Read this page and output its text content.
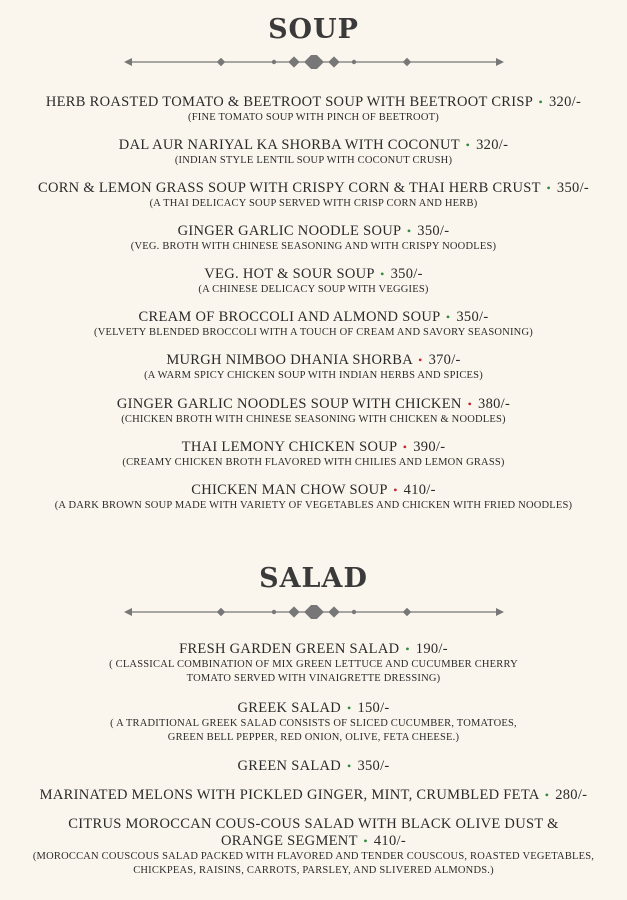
SOUP
HERB ROASTED TOMATO & BEETROOT SOUP WITH BEETROOT CRISP • 320/-
(FINE TOMATO SOUP WITH PINCH OF BEETROOT)
DAL AUR NARIYAL KA SHORBA WITH COCONUT • 320/-
(INDIAN STYLE LENTIL SOUP WITH COCONUT CRUSH)
CORN & LEMON GRASS SOUP WITH CRISPY CORN & THAI HERB CRUST • 350/-
(A THAI DELICACY SOUP SERVED WITH CRISP CORN AND HERB)
GINGER GARLIC NOODLE SOUP • 350/-
(VEG. BROTH WITH CHINESE SEASONING AND WITH CRISPY NOODLES)
VEG. HOT & SOUR SOUP • 350/-
(A CHINESE DELICACY SOUP WITH VEGGIES)
CREAM OF BROCCOLI AND ALMOND SOUP • 350/-
(VELVETY BLENDED BROCCOLI WITH A TOUCH OF CREAM AND SAVORY SEASONING)
MURGH NIMBOO DHANIA SHORBA • 370/-
(A WARM SPICY CHICKEN SOUP WITH INDIAN HERBS AND SPICES)
GINGER GARLIC NOODLES SOUP WITH CHICKEN • 380/-
(CHICKEN BROTH WITH CHINESE SEASONING WITH CHICKEN & NOODLES)
THAI LEMONY CHICKEN SOUP • 390/-
(CREAMY CHICKEN BROTH FLAVORED WITH CHILIES AND LEMON GRASS)
CHICKEN MAN CHOW SOUP • 410/-
(A DARK BROWN SOUP MADE WITH VARIETY OF VEGETABLES AND CHICKEN WITH FRIED NOODLES)
SALAD
FRESH GARDEN GREEN SALAD • 190/-
( CLASSICAL COMBINATION OF MIX GREEN LETTUCE AND CUCUMBER CHERRY
TOMATO SERVED WITH VINAIGRETTE DRESSING)
GREEK SALAD • 150/-
( A TRADITIONAL GREEK SALAD CONSISTS OF SLICED CUCUMBER, TOMATOES,
GREEN BELL PEPPER, RED ONION, OLIVE, FETA CHEESE.)
GREEN SALAD • 350/-
MARINATED MELONS WITH PICKLED GINGER, MINT, CRUMBLED FETA • 280/-
CITRUS MOROCCAN COUS-COUS SALAD WITH BLACK OLIVE DUST &
ORANGE SEGMENT • 410/-
(MOROCCAN COUSCOUS SALAD PACKED WITH FLAVORED AND TENDER COUSCOUS, ROASTED VEGETABLES,
CHICKPEAS, RAISINS, CARROTS, PARSLEY, AND SLIVERED ALMONDS.)
